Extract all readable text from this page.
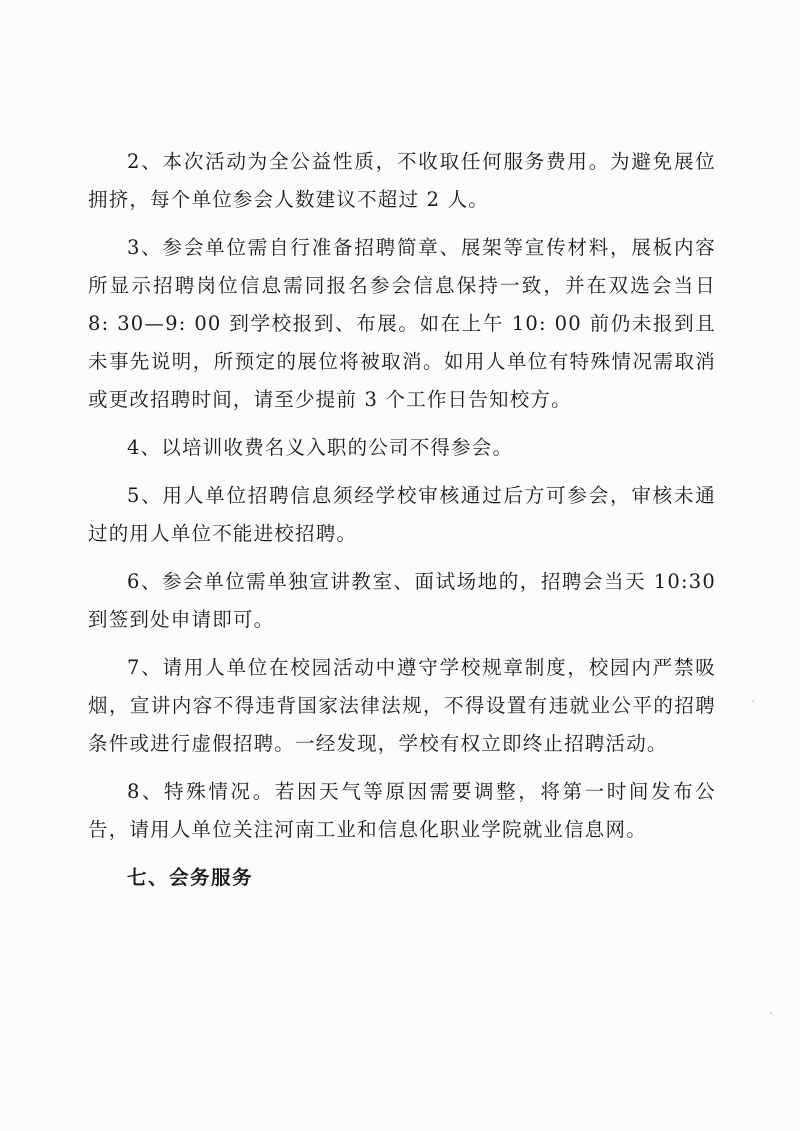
2、本次活动为全公益性质，不收取任何服务费用。为避免展位拥挤，每个单位参会人数建议不超过 2 人。

3、参会单位需自行准备招聘简章、展架等宣传材料，展板内容所显示招聘岗位信息需同报名参会信息保持一致，并在双选会当日 8: 30—9: 00 到学校报到、布展。如在上午 10: 00 前仍未报到且未事先说明，所预定的展位将被取消。如用人单位有特殊情况需取消或更改招聘时间，请至少提前 3 个工作日告知校方。

4、以培训收费名义入职的公司不得参会。

5、用人单位招聘信息须经学校审核通过后方可参会，审核未通过的用人单位不能进校招聘。

6、参会单位需单独宣讲教室、面试场地的，招聘会当天 10:30 到签到处申请即可。

7、请用人单位在校园活动中遵守学校规章制度，校园内严禁吸烟，宣讲内容不得违背国家法律法规，不得设置有违就业公平的招聘条件或进行虚假招聘。一经发现，学校有权立即终止招聘活动。

8、特殊情况。若因天气等原因需要调整，将第一时间发布公告，请用人单位关注河南工业和信息化职业学院就业信息网。

七、会务服务
